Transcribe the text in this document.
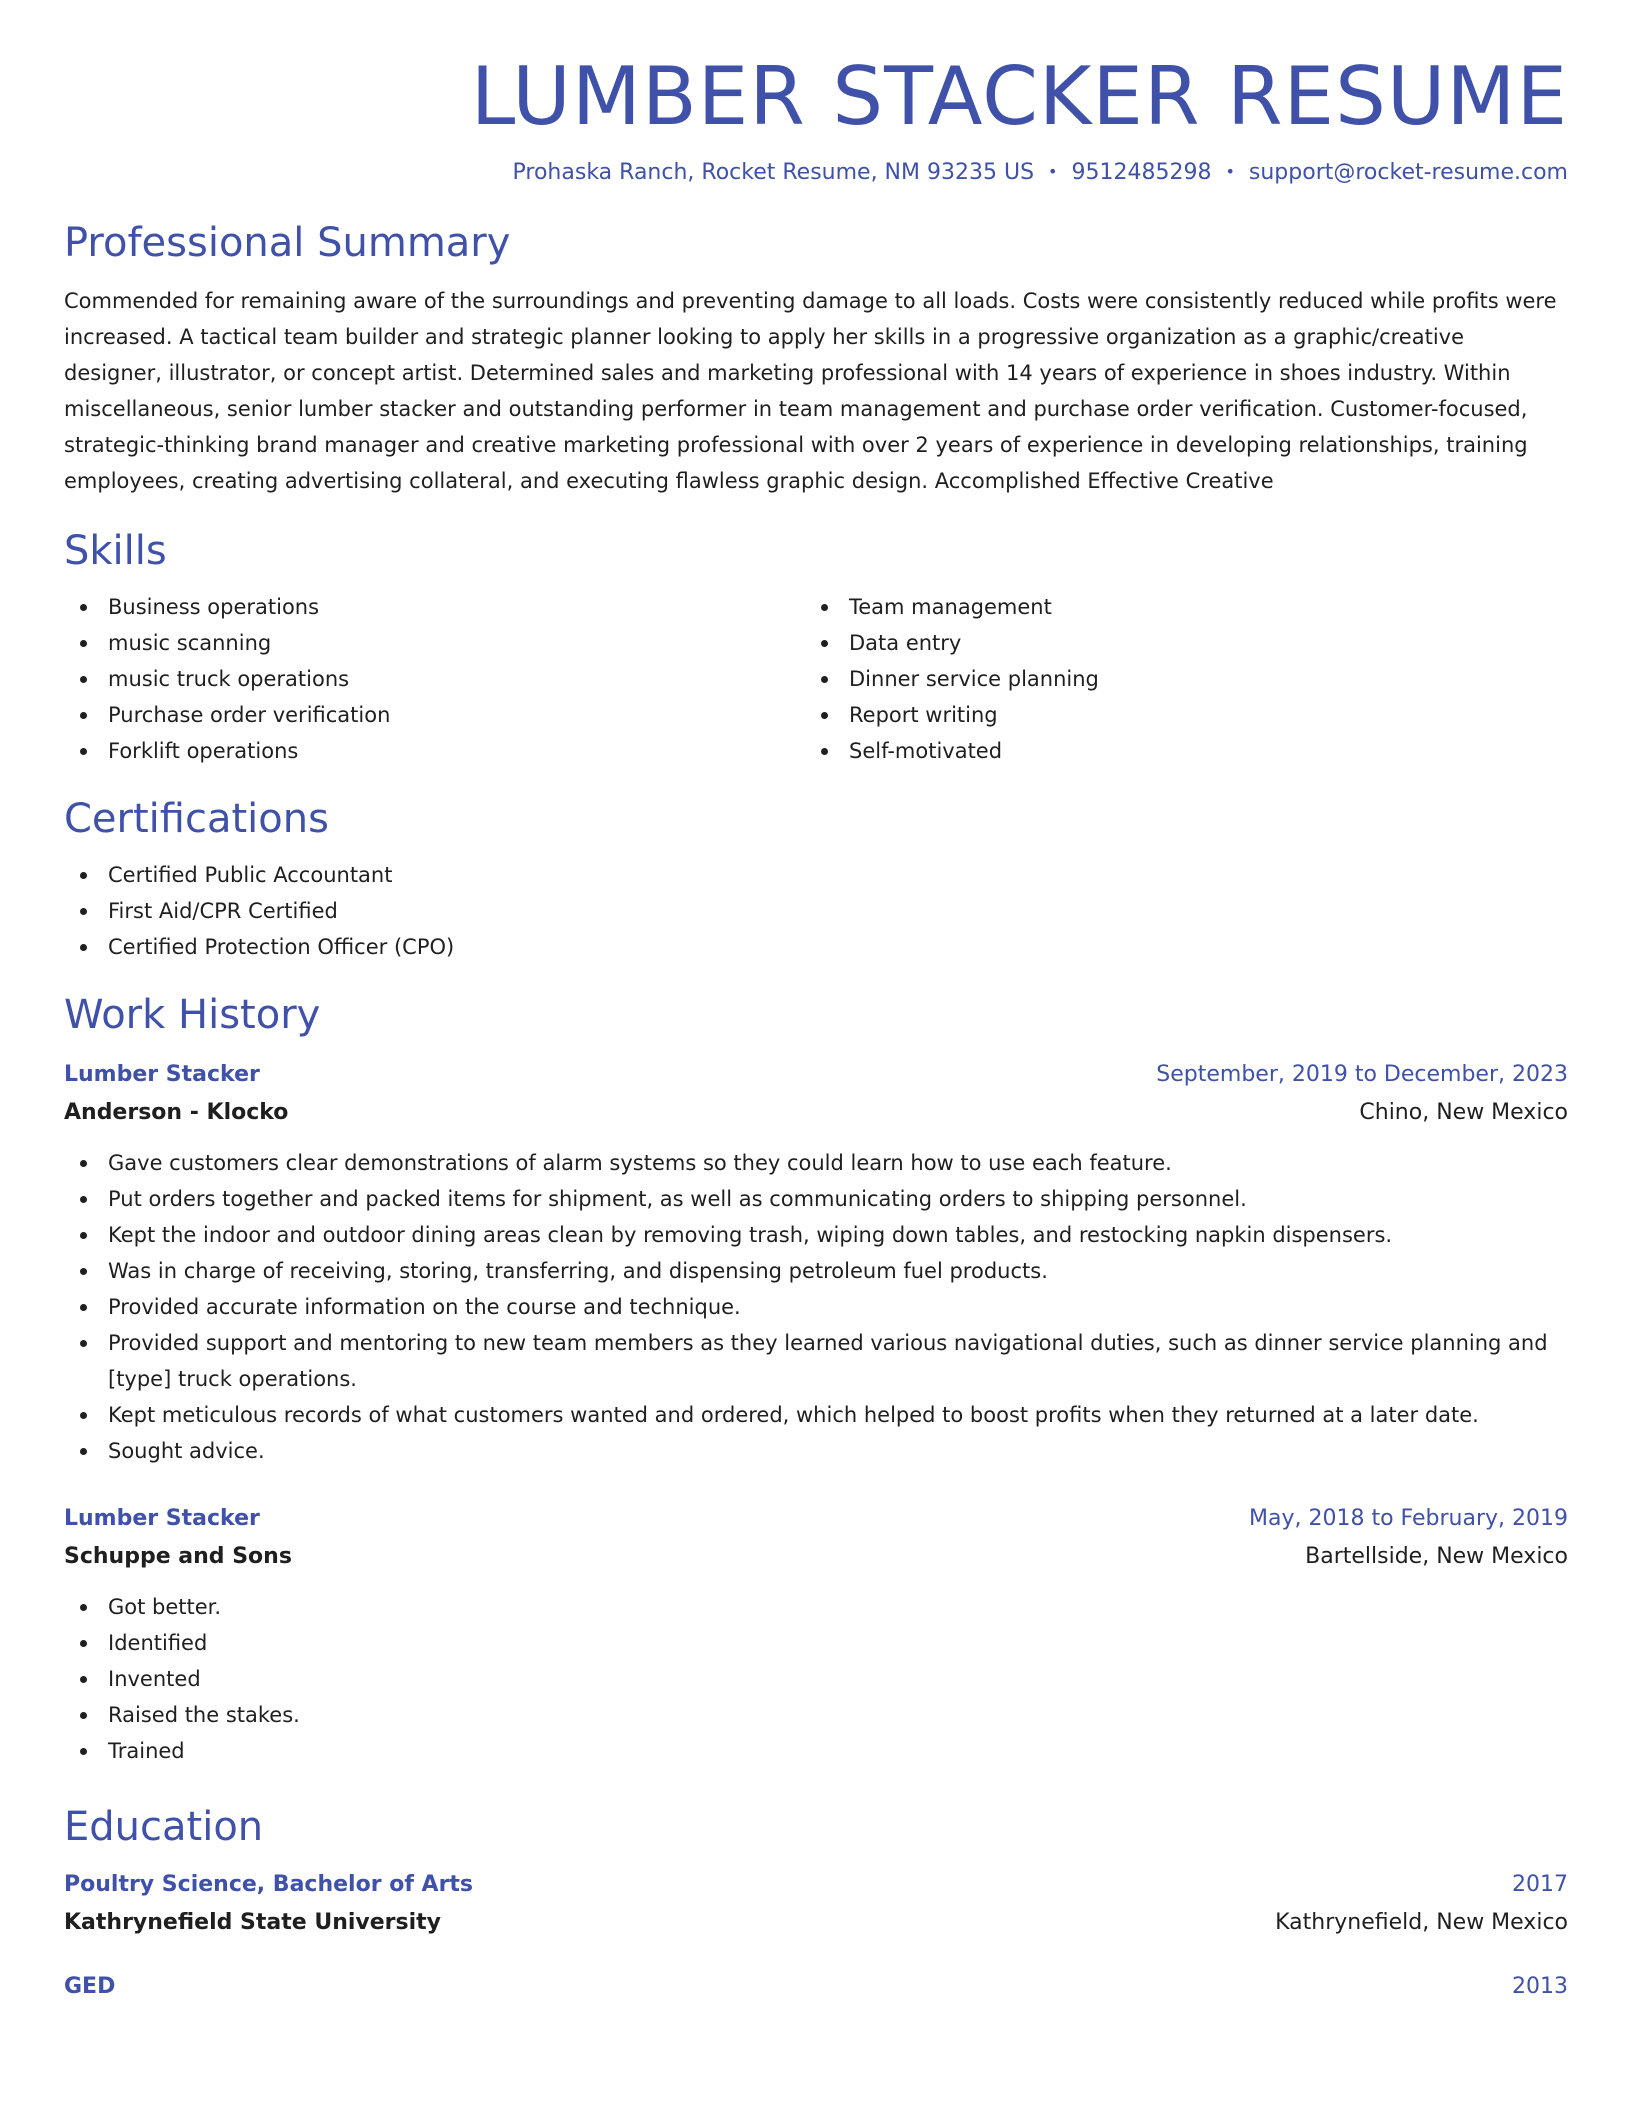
LUMBER STACKER RESUME
Prohaska Ranch, Rocket Resume, NM 93235 US • 9512485298 • support@rocket-resume.com
Professional Summary

Commended for remaining aware of the surroundings and preventing damage to all loads. Costs were consistently reduced while profits were increased. A tactical team builder and strategic planner looking to apply her skills in a progressive organization as a graphic/creative designer, illustrator, or concept artist. Determined sales and marketing professional with 14 years of experience in shoes industry. Within miscellaneous, senior lumber stacker and outstanding performer in team management and purchase order verification. Customer-focused, strategic-thinking brand manager and creative marketing professional with over 2 years of experience in developing relationships, training employees, creating advertising collateral, and executing flawless graphic design. Accomplished Effective Creative

Skills
Business operations
music scanning
music truck operations
Purchase order verification
Forklift operations
Team management
Data entry
Dinner service planning
Report writing
Self-motivated
Certifications
Certified Public Accountant
First Aid/CPR Certified
Certified Protection Officer (CPO)
Work History
Lumber Stacker	September, 2019 to December, 2023
Anderson - Klocko	Chino, New Mexico
Gave customers clear demonstrations of alarm systems so they could learn how to use each feature.
Put orders together and packed items for shipment, as well as communicating orders to shipping personnel.
Kept the indoor and outdoor dining areas clean by removing trash, wiping down tables, and restocking napkin dispensers.
Was in charge of receiving, storing, transferring, and dispensing petroleum fuel products.
Provided accurate information on the course and technique.
Provided support and mentoring to new team members as they learned various navigational duties, such as dinner service planning and [type] truck operations.
Kept meticulous records of what customers wanted and ordered, which helped to boost profits when they returned at a later date.
Sought advice.
Lumber Stacker	May, 2018 to February, 2019
Schuppe and Sons	Bartellside, New Mexico
Got better.
Identified
Invented
Raised the stakes.
Trained
Education
Poultry Science, Bachelor of Arts	2017
Kathrynefield State University	Kathrynefield, New Mexico
GED	2013
